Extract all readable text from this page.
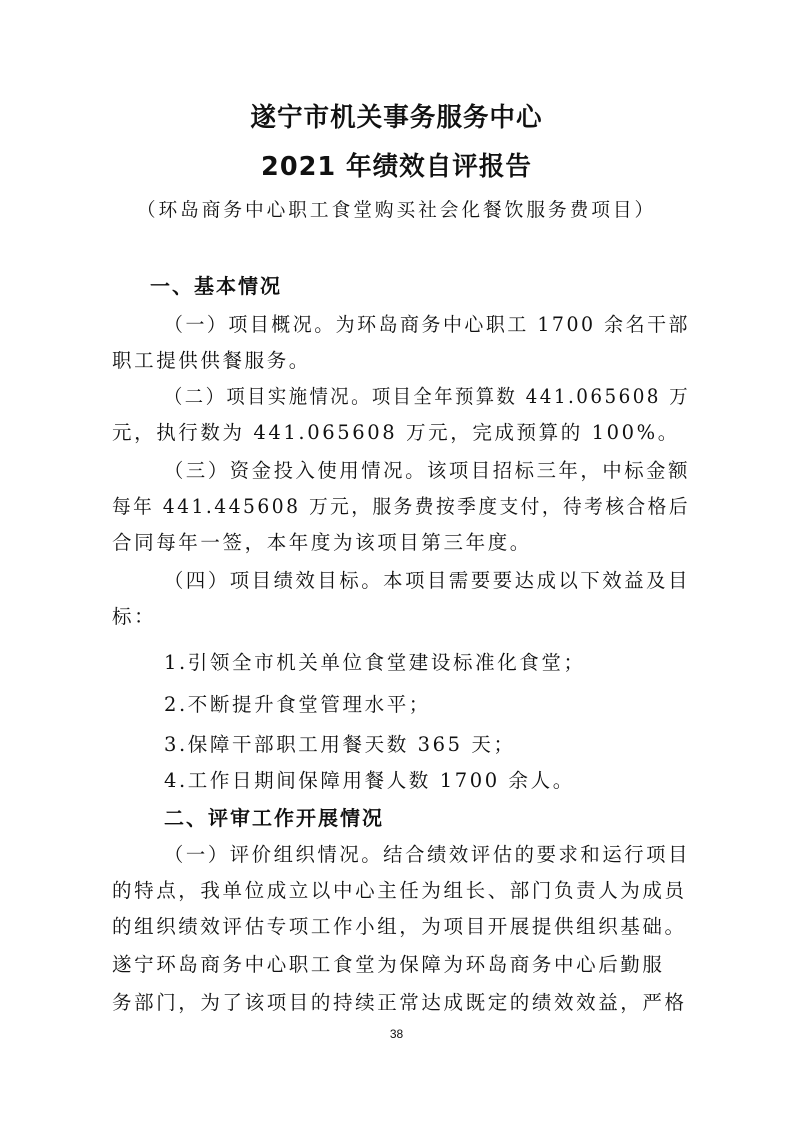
遂宁市机关事务服务中心
2021 年绩效自评报告
（环岛商务中心职工食堂购买社会化餐饮服务费项目）
一、基本情况
（一）项目概况。为环岛商务中心职工 1700 余名干部
职工提供供餐服务。
（二）项目实施情况。项目全年预算数 441.065608 万
元，执行数为 441.065608 万元，完成预算的 100%。
（三）资金投入使用情况。该项目招标三年，中标金额
每年 441.445608 万元，服务费按季度支付，待考核合格后
合同每年一签，本年度为该项目第三年度。
（四）项目绩效目标。本项目需要要达成以下效益及目
标：
1.引领全市机关单位食堂建设标准化食堂；
2.不断提升食堂管理水平；
3.保障干部职工用餐天数 365 天；
4.工作日期间保障用餐人数 1700 余人。
二、评审工作开展情况
（一）评价组织情况。结合绩效评估的要求和运行项目
的特点，我单位成立以中心主任为组长、部门负责人为成员
的组织绩效评估专项工作小组，为项目开展提供组织基础。
遂宁环岛商务中心职工食堂为保障为环岛商务中心后勤服
务部门，为了该项目的持续正常达成既定的绩效效益，严格
38
